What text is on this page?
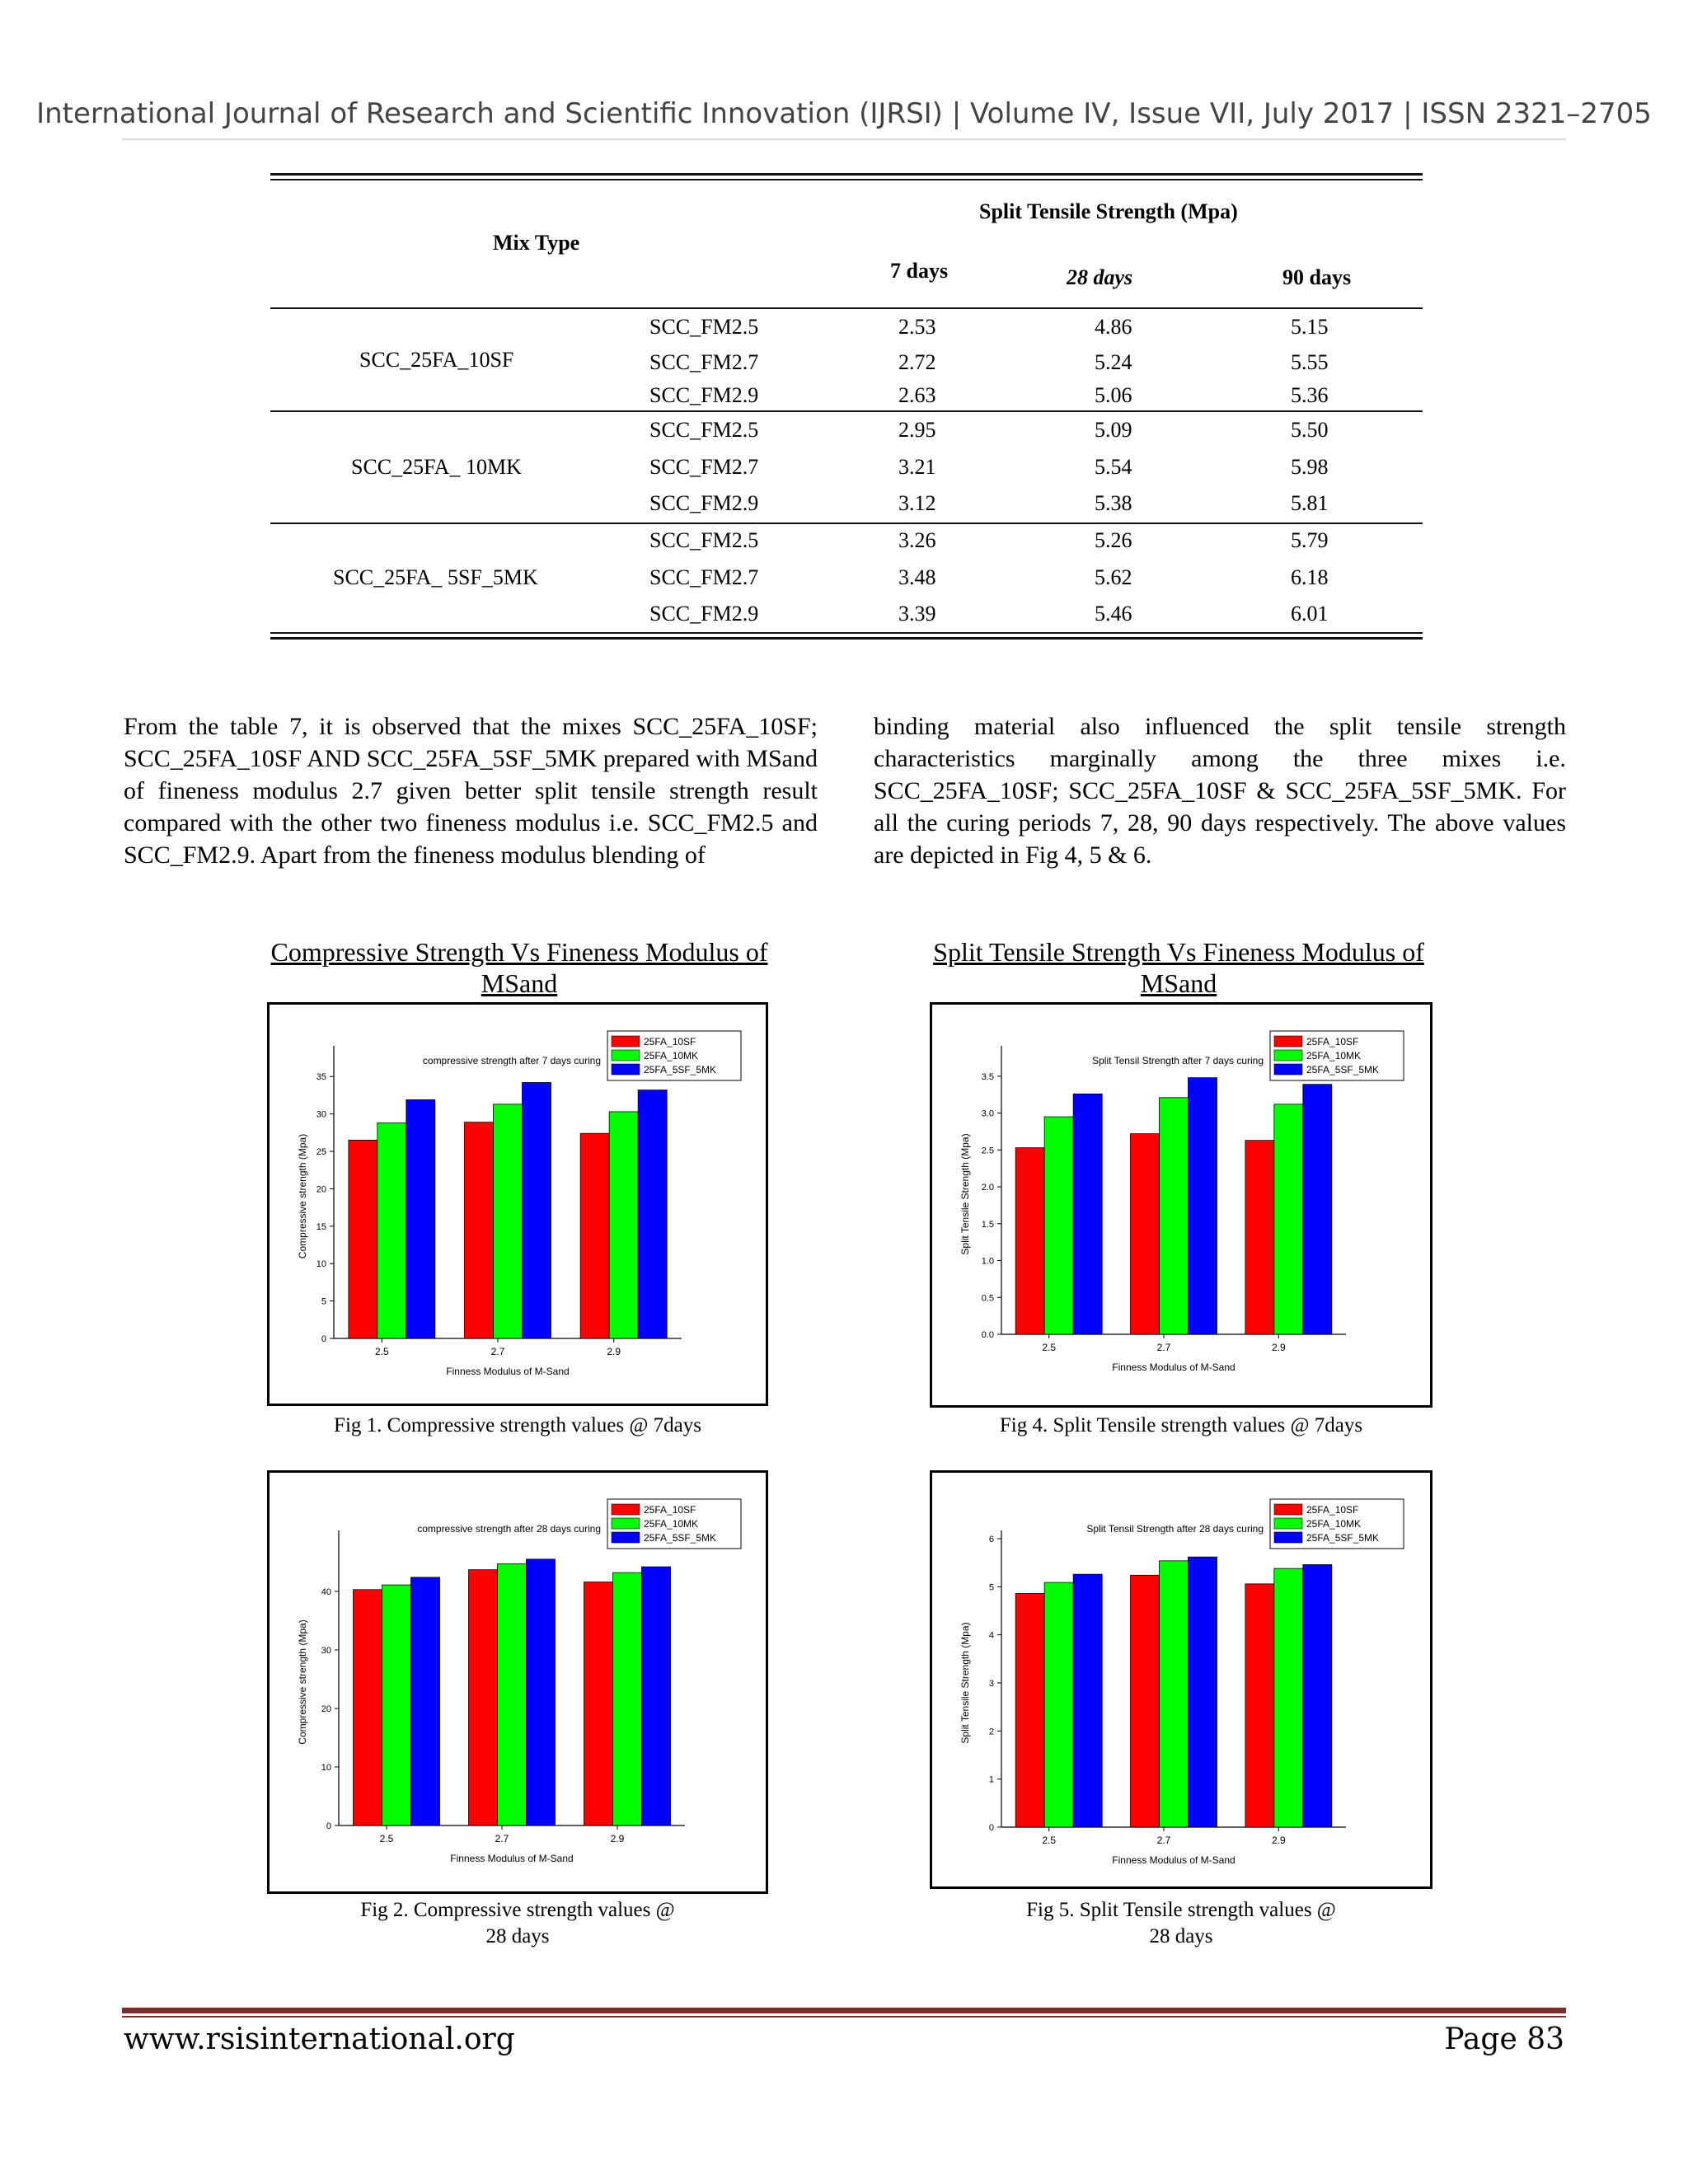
International Journal of Research and Scientific Innovation (IJRSI) | Volume IV, Issue VII, July 2017 | ISSN 2321–2705
Mix Type
Split Tensile Strength (Mpa)
7 days	28 days	90 days
SCC_25FA_10SF
SCC_FM2.5	2.53	4.86	5.15
SCC_FM2.7	2.72	5.24	5.55
SCC_FM2.9	2.63	5.06	5.36
SCC_25FA_ 10MK
SCC_FM2.5	2.95	5.09	5.50
SCC_FM2.7	3.21	5.54	5.98
SCC_FM2.9	3.12	5.38	5.81
SCC_25FA_ 5SF_5MK
SCC_FM2.5	3.26	5.26	5.79
SCC_FM2.7	3.48	5.62	6.18
SCC_FM2.9	3.39	5.46	6.01

From the table 7, it is observed that the mixes SCC_25FA_10SF; SCC_25FA_10SF AND SCC_25FA_5SF_5MK prepared with MSand of fineness modulus 2.7 given better split tensile strength result compared with the other two fineness modulus i.e. SCC_FM2.5 and SCC_FM2.9. Apart from the fineness modulus blending of

binding material also influenced the split tensile strength characteristics marginally among the three mixes i.e. SCC_25FA_10SF; SCC_25FA_10SF & SCC_25FA_5SF_5MK. For all the curing periods 7, 28, 90 days respectively. The above values are depicted in Fig 4, 5 & 6.

Compressive Strength Vs Fineness Modulus of MSand
Split Tensile Strength Vs Fineness Modulus of MSand
0
5
10
15
20
25
30
35
2.5	2.7	2.9
Finness Modulus of M-Sand
Compressive strength (Mpa)
compressive strength after 7 days curing
25FA_10SF
25FA_10MK
25FA_5SF_5MK
0.0
0.5
1.0
1.5
2.0
2.5
3.0
3.5
2.5	2.7	2.9
Finness Modulus of M-Sand
Split Tensile Strength (Mpa)
Split Tensil Strength after 7 days curing
25FA_10SF
25FA_10MK
25FA_5SF_5MK
0
10
20
30
40
2.5	2.7	2.9
Finness Modulus of M-Sand
Compressive strength (Mpa)
compressive strength after 28 days curing
25FA_10SF
25FA_10MK
25FA_5SF_5MK
0
1
2
3
4
5
6
2.5	2.7	2.9
Finness Modulus of M-Sand
Split Tensile Strength (Mpa)
Split Tensil Strength after 28 days curing
25FA_10SF
25FA_10MK
25FA_5SF_5MK
Fig 1. Compressive strength values @ 7days	Fig 4. Split Tensile strength values @ 7days
Fig 2. Compressive strength values @
28 days
Fig 5. Split Tensile strength values @
28 days
www.rsisinternational.org	Page 83
